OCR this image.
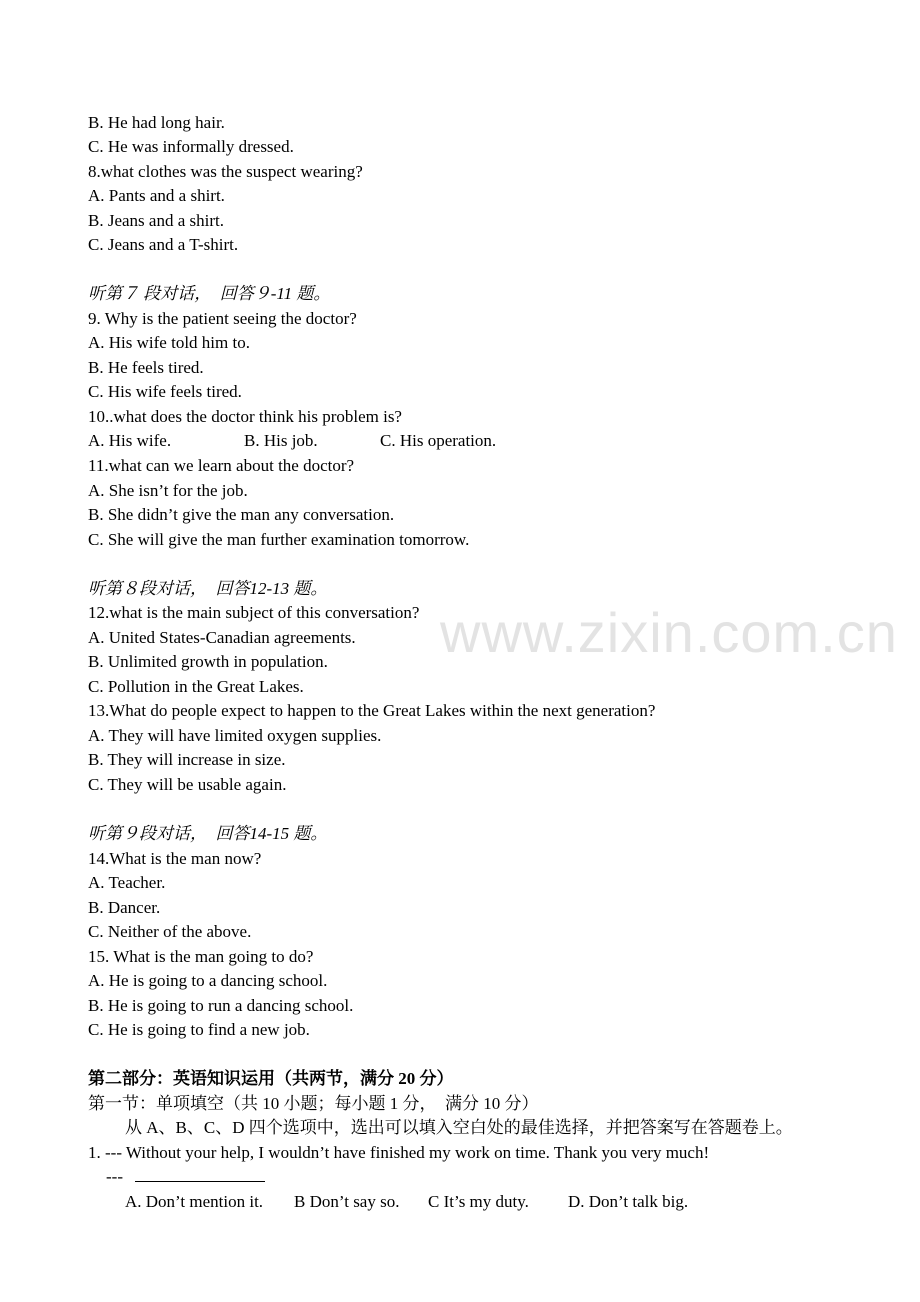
www.zixin.com.cn
B. He had long hair.
C. He was informally dressed.
8.what clothes was the suspect wearing?
A. Pants and a shirt.
B. Jeans and a shirt.
C. Jeans and a T-shirt.
听第７ 段对话，　回答９-11 题。
9. Why is the patient seeing the doctor?
A. His wife told him to.
B. He feels tired.
C. His wife feels tired.
10..what does the doctor think his problem is?
A. His wife.	B. His job.	C. His operation.
11.what can we learn about the doctor?
A. She isn’t for the job.
B. She didn’t give the man any conversation.
C. She will give the man further examination tomorrow.
听第８段对话，　回答12-13 题。
12.what is the main subject of this conversation?
A. United States-Canadian agreements.
B. Unlimited growth in population.
C. Pollution in the Great Lakes.
13.What do people expect to happen to the Great Lakes within the next generation?
A. They will have limited oxygen supplies.
B. They will increase in size.
C. They will be usable again.
听第９段对话，　回答14-15 题。
14.What is the man now?
A. Teacher.
B. Dancer.
C. Neither of the above.
15. What is the man going to do?
A. He is going to a dancing school.
B. He is going to run a dancing school.
C. He is going to find a new job.
第二部分：英语知识运用（共两节，满分 20 分）
第一节：单项填空（共 10 小题；每小题 1 分，　满分 10 分）
从 A、B、C、D 四个选项中，选出可以填入空白处的最佳选择，并把答案写在答题卷上。
1. --- Without your help, I wouldn’t have finished my work on time. Thank you very much!
---
A. Don’t mention it. B Don’t say so. C It’s my duty. D. Don’t talk big.
